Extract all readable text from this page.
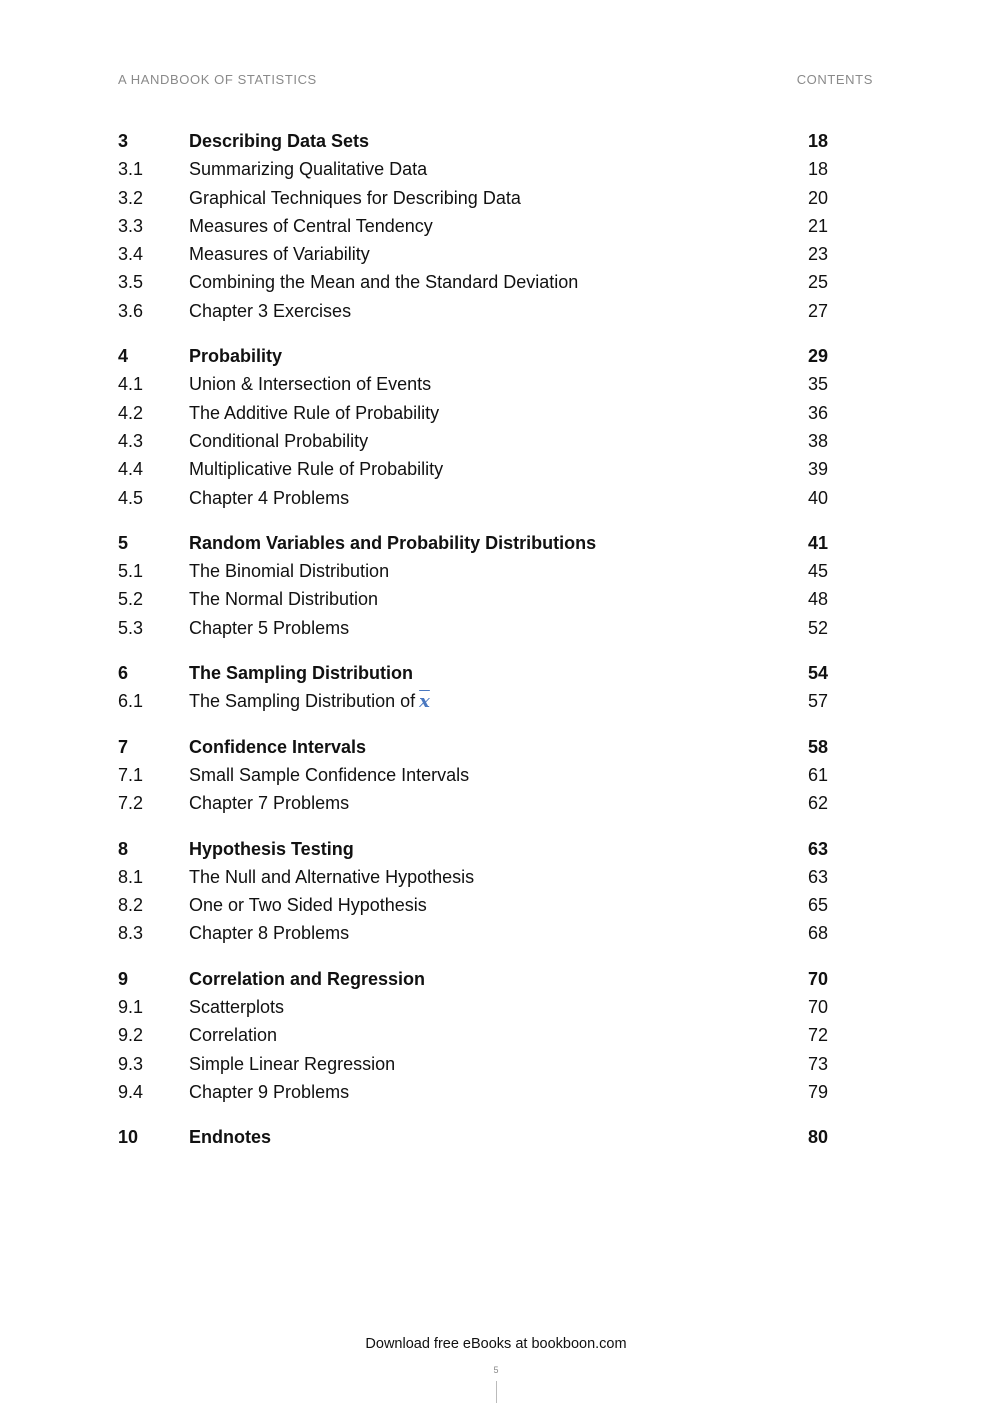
A HANDBOOK OF STATISTICS	CONTENTS
3	Describing Data Sets	18
3.1	Summarizing Qualitative Data	18
3.2	Graphical Techniques for Describing Data	20
3.3	Measures of Central Tendency	21
3.4	Measures of Variability	23
3.5	Combining the Mean and the Standard Deviation	25
3.6	Chapter 3 Exercises	27
4	Probability	29
4.1	Union & Intersection of Events	35
4.2	The Additive Rule of Probability	36
4.3	Conditional Probability	38
4.4	Multiplicative Rule of Probability	39
4.5	Chapter 4 Problems	40
5	Random Variables and Probability Distributions	41
5.1	The Binomial Distribution	45
5.2	The Normal Distribution	48
5.3	Chapter 5 Problems	52
6	The Sampling Distribution	54
6.1	The Sampling Distribution of $\overline{x}$	57
7	Confidence Intervals	58
7.1	Small Sample Confidence Intervals	61
7.2	Chapter 7 Problems	62
8	Hypothesis Testing	63
8.1	The Null and Alternative Hypothesis	63
8.2	One or Two Sided Hypothesis	65
8.3	Chapter 8 Problems	68
9	Correlation and Regression	70
9.1	Scatterplots	70
9.2	Correlation	72
9.3	Simple Linear Regression	73
9.4	Chapter 9 Problems	79
10	Endnotes	80
Download free eBooks at bookboon.com
5
